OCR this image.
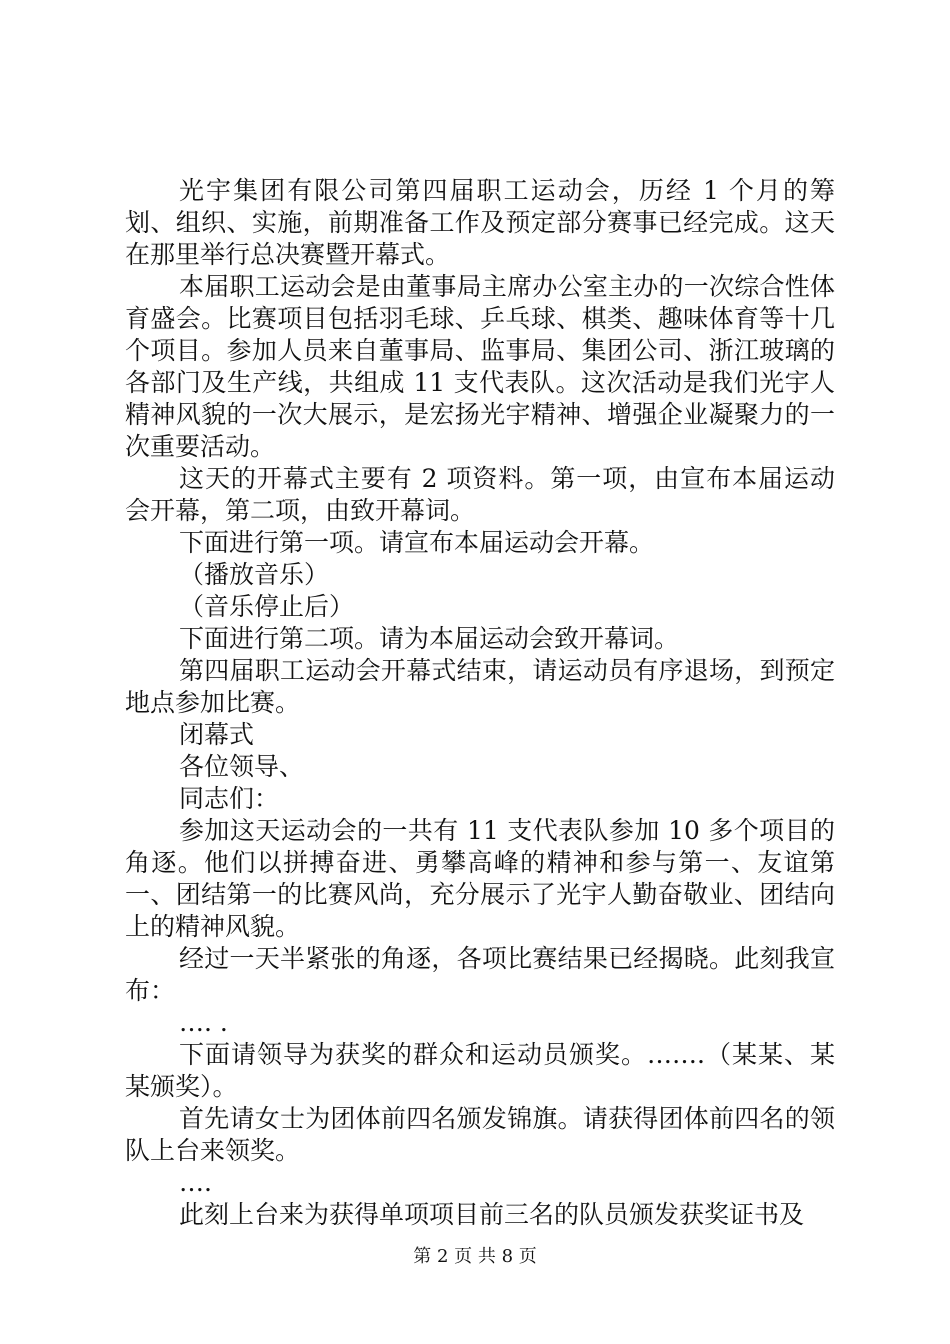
光宇集团有限公司第四届职工运动会，历经 1 个月的筹划、组织、实施，前期准备工作及预定部分赛事已经完成。这天在那里举行总决赛暨开幕式。

本届职工运动会是由董事局主席办公室主办的一次综合性体育盛会。比赛项目包括羽毛球、乒乓球、棋类、趣味体育等十几个项目。参加人员来自董事局、监事局、集团公司、浙江玻璃的各部门及生产线，共组成 11 支代表队。这次活动是我们光宇人精神风貌的一次大展示，是宏扬光宇精神、增强企业凝聚力的一次重要活动。

这天的开幕式主要有 2 项资料。第一项，由宣布本届运动会开幕，第二项，由致开幕词。

下面进行第一项。请宣布本届运动会开幕。

（播放音乐）

（音乐停止后）

下面进行第二项。请为本届运动会致开幕词。

第四届职工运动会开幕式结束，请运动员有序退场，到预定地点参加比赛。

闭幕式

各位领导、

同志们：

参加这天运动会的一共有 11 支代表队参加 10 多个项目的角逐。他们以拼搏奋进、勇攀高峰的精神和参与第一、友谊第一、团结第一的比赛风尚，充分展示了光宇人勤奋敬业、团结向上的精神风貌。

经过一天半紧张的角逐，各项比赛结果已经揭晓。此刻我宣布：

…. .

下面请领导为获奖的群众和运动员颁奖。…….（某某、某某颁奖）。

首先请女士为团体前四名颁发锦旗。请获得团体前四名的领队上台来领奖。

….

此刻上台来为获得单项项目前三名的队员颁发获奖证书及

第 2 页 共 8 页
